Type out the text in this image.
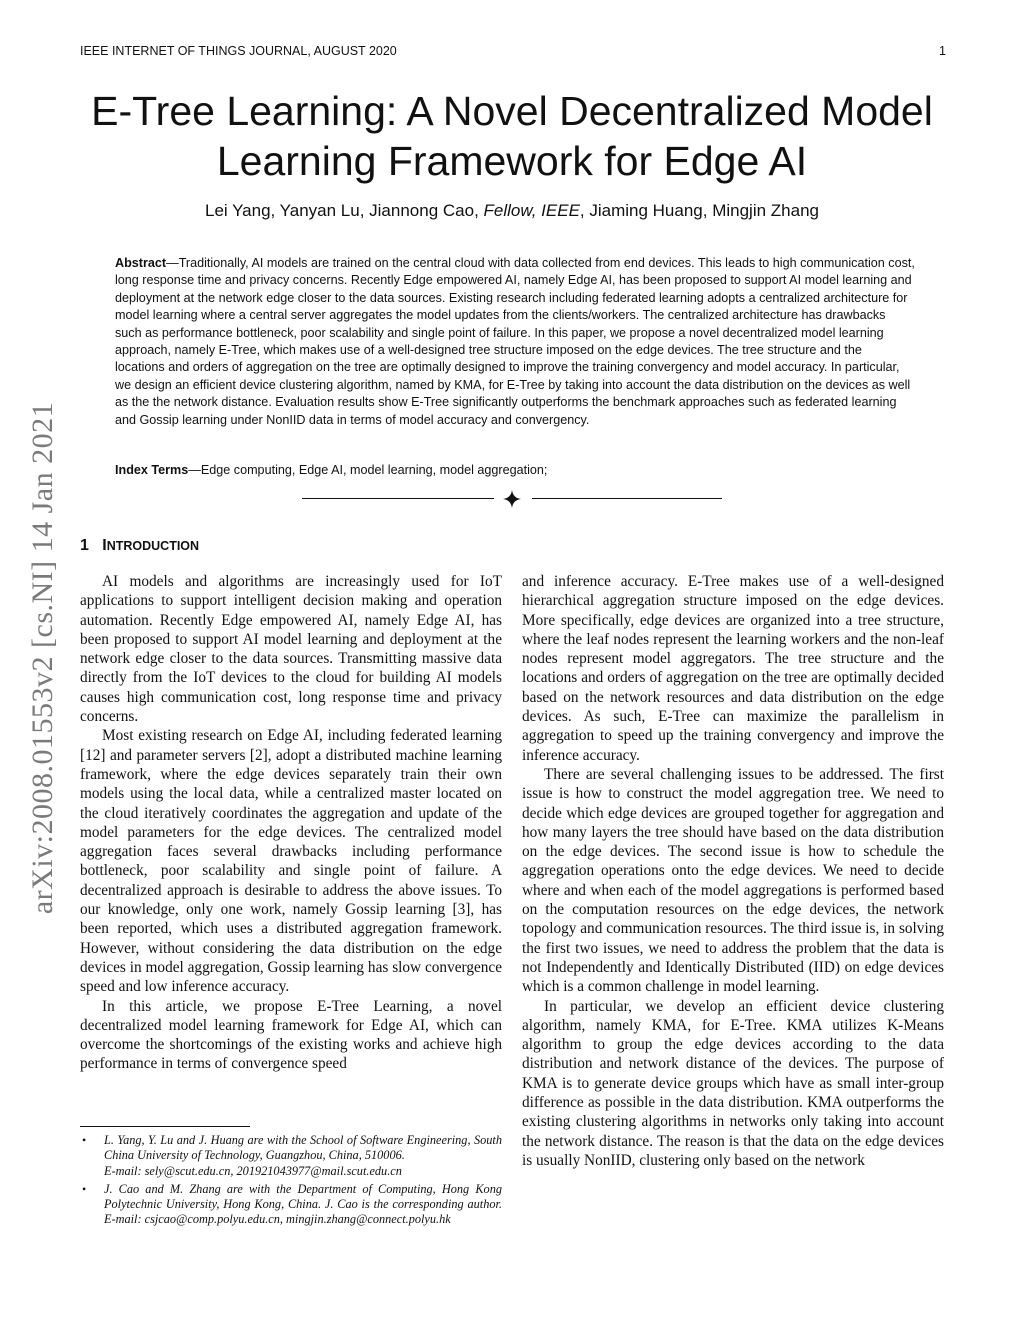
IEEE INTERNET OF THINGS JOURNAL, AUGUST 2020	1
E-Tree Learning: A Novel Decentralized Model
Learning Framework for Edge AI
Lei Yang, Yanyan Lu, Jiannong Cao, Fellow, IEEE, Jiaming Huang, Mingjin Zhang

Abstract—Traditionally, AI models are trained on the central cloud with data collected from end devices. This leads to high communication cost, long response time and privacy concerns. Recently Edge empowered AI, namely Edge AI, has been proposed to support AI model learning and deployment at the network edge closer to the data sources. Existing research including federated learning adopts a centralized architecture for model learning where a central server aggregates the model updates from the clients/workers. The centralized architecture has drawbacks such as performance bottleneck, poor scalability and single point of failure. In this paper, we propose a novel decentralized model learning approach, namely E-Tree, which makes use of a well-designed tree structure imposed on the edge devices. The tree structure and the locations and orders of aggregation on the tree are optimally designed to improve the training convergency and model accuracy. In particular, we design an efficient device clustering algorithm, named by KMA, for E-Tree by taking into account the data distribution on the devices as well as the the network distance. Evaluation results show E-Tree significantly outperforms the benchmark approaches such as federated learning and Gossip learning under NonIID data in terms of model accuracy and convergency.

Index Terms—Edge computing, Edge AI, model learning, model aggregation;

arXiv:2008.01553v2 [cs.NI] 14 Jan 2021 1 INTRODUCTION

AI models and algorithms are increasingly used for IoT applications to support intelligent decision making and operation automation. Recently Edge empowered AI, namely Edge AI, has been proposed to support AI model learning and deployment at the network edge closer to the data sources. Transmitting massive data directly from the IoT devices to the cloud for building AI models causes high communication cost, long response time and privacy concerns.

Most existing research on Edge AI, including federated learning [12] and parameter servers [2], adopt a distributed machine learning framework, where the edge devices separately train their own models using the local data, while a centralized master located on the cloud iteratively coordinates the aggregation and update of the model parameters for the edge devices. The centralized model aggregation faces several drawbacks including performance bottleneck, poor scalability and single point of failure. A decentralized approach is desirable to address the above issues. To our knowledge, only one work, namely Gossip learning [3], has been reported, which uses a distributed aggregation framework. However, without considering the data distribution on the edge devices in model aggregation, Gossip learning has slow convergence speed and low inference accuracy.

In this article, we propose E-Tree Learning, a novel decentralized model learning framework for Edge AI, which can overcome the shortcomings of the existing works and achieve high performance in terms of convergence speed

and inference accuracy. E-Tree makes use of a well-designed hierarchical aggregation structure imposed on the edge devices. More specifically, edge devices are organized into a tree structure, where the leaf nodes represent the learning workers and the non-leaf nodes represent model aggregators. The tree structure and the locations and orders of aggregation on the tree are optimally decided based on the network resources and data distribution on the edge devices. As such, E-Tree can maximize the parallelism in aggregation to speed up the training convergency and improve the inference accuracy.

There are several challenging issues to be addressed. The first issue is how to construct the model aggregation tree. We need to decide which edge devices are grouped together for aggregation and how many layers the tree should have based on the data distribution on the edge devices. The second issue is how to schedule the aggregation operations onto the edge devices. We need to decide where and when each of the model aggregations is performed based on the computation resources on the edge devices, the network topology and communication resources. The third issue is, in solving the first two issues, we need to address the problem that the data is not Independently and Identically Distributed (IID) on edge devices which is a common challenge in model learning.

In particular, we develop an efficient device clustering algorithm, namely KMA, for E-Tree. KMA utilizes K-Means algorithm to group the edge devices according to the data distribution and network distance of the devices. The purpose of KMA is to generate device groups which have as small inter-group difference as possible in the data distribution. KMA outperforms the existing clustering algorithms in networks only taking into account the network distance. The reason is that the data on the edge devices is usually NonIID, clustering only based on the network

• L. Yang, Y. Lu and J. Huang are with the School of Software Engineering, South China University of Technology, Guangzhou, China, 510006.
E-mail: sely@scut.edu.cn, 201921043977@mail.scut.edu.cn
• J. Cao and M. Zhang are with the Department of Computing, Hong Kong Polytechnic University, Hong Kong, China. J. Cao is the corresponding author. E-mail: csjcao@comp.polyu.edu.cn, mingjin.zhang@connect.polyu.hk
